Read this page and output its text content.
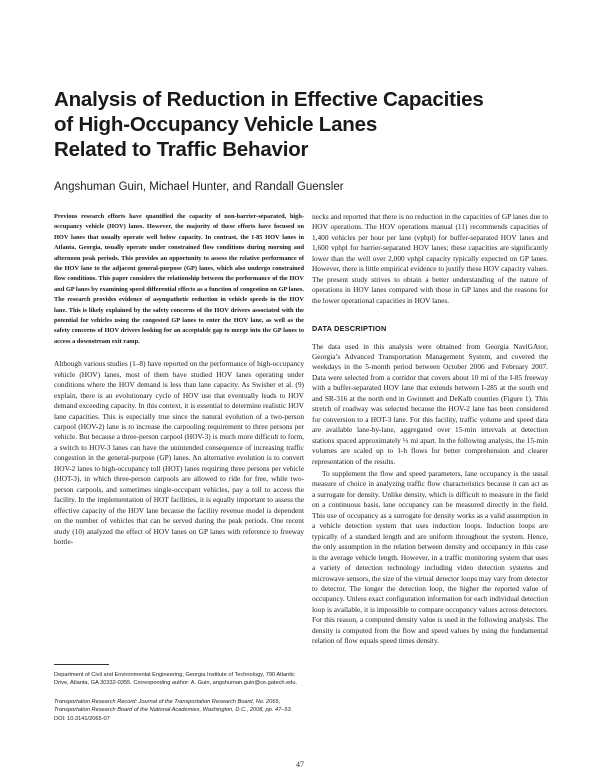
Analysis of Reduction in Effective Capacities
of High-Occupancy Vehicle Lanes
Related to Traffic Behavior
Angshuman Guin, Michael Hunter, and Randall Guensler

Previous research efforts have quantified the capacity of non-barrier-separated, high-occupancy vehicle (HOV) lanes. However, the majority of these efforts have focused on HOV lanes that usually operate well below capacity. In contrast, the I-85 HOV lanes in Atlanta, Georgia, usually operate under constrained flow conditions during morning and afternoon peak periods. This provides an opportunity to assess the relative performance of the HOV lane to the adjacent general-purpose (GP) lanes, which also undergo constrained flow conditions. This paper considers the relationship between the performance of the HOV and GP lanes by examining speed differential effects as a function of congestion on GP lanes. The research provides evidence of asympathetic reduction in vehicle speeds in the HOV lane. This is likely explained by the safety concerns of the HOV drivers associated with the potential for vehicles using the congested GP lanes to enter the HOV lane, as well as the safety concerns of HOV drivers looking for an acceptable gap to merge into the GP lanes to access a downstream exit ramp.

Although various studies (1–8) have reported on the performance of high-occupancy vehicle (HOV) lanes, most of them have studied HOV lanes operating under conditions where the HOV demand is less than lane capacity. As Swisher et al. (9) explain, there is an evolutionary cycle of HOV use that eventually leads to HOV demand exceeding capacity. In this context, it is essential to determine realistic HOV lane capacities. This is especially true since the natural evolution of a two-person carpool (HOV-2) lane is to increase the carpooling requirement to three persons per vehicle. But because a three-person carpool (HOV-3) is much more difficult to form, a switch to HOV-3 lanes can have the unintended consequence of increasing traffic congestion in the general-purpose (GP) lanes. An alternative evolution is to convert HOV-2 lanes to high-occupancy toll (HOT) lanes requiring three persons per vehicle (HOT-3), in which three-person carpools are allowed to ride for free, while two-person carpools, and sometimes single-occupant vehicles, pay a toll to access the facility. In the implementation of HOT facilities, it is equally important to assess the effective capacity of the HOV lane because the facility revenue model is dependent on the number of vehicles that can be served during the peak periods. One recent study (10) analyzed the effect of HOV lanes on GP lanes with reference to freeway bottle-

necks and reported that there is no reduction in the capacities of GP lanes due to HOV operations. The HOV operations manual (11) recommends capacities of 1,400 vehicles per hour per lane (vphpl) for buffer-separated HOV lanes and 1,600 vphpl for barrier-separated HOV lanes; these capacities are significantly lower than the well over 2,000 vphpl capacity typically expected on GP lanes. However, there is little empirical evidence to justify these HOV capacity values. The present study strives to obtain a better understanding of the nature of operations in HOV lanes compared with those in GP lanes and the reasons for the lower operational capacities in HOV lanes.

DATA DESCRIPTION

The data used in this analysis were obtained from Georgia NaviGAtor, Georgia’s Advanced Transportation Management System, and covered the weekdays in the 5-month period between October 2006 and February 2007. Data were selected from a corridor that covers about 10 mi of the I-85 freeway with a buffer-separated HOV lane that extends between I-285 at the south end and SR-316 at the north end in Gwinnett and DeKalb counties (Figure 1). This stretch of roadway was selected because the HOV-2 lane has been considered for conversion to a HOT-3 lane. For this facility, traffic volume and speed data are available lane-by-lane, aggregated over 15-min intervals at detection stations spaced approximately ⅓ mi apart. In the following analysis, the 15-min volumes are scaled up to 1-h flows for better comprehension and clearer representation of the results.

To supplement the flow and speed parameters, lane occupancy is the usual measure of choice in analyzing traffic flow characteristics because it can act as a surrogate for density. Unlike density, which is difficult to measure in the field on a continuous basis, lane occupancy can be measured directly in the field. This use of occupancy as a surrogate for density works as a valid assumption in a vehicle detection system that uses induction loops. Induction loops are typically of a standard length and are uniform throughout the system. Hence, the only assumption in the relation between density and occupancy in this case is the average vehicle length. However, in a traffic monitoring system that uses a variety of detection technology including video detection systems and microwave sensors, the size of the virtual detector loops may vary from detector to detector. The longer the detection loop, the higher the reported value of occupancy. Unless exact configuration information for each individual detection loop is available, it is impossible to compare occupancy values across detectors. For this reason, a computed density value is used in the following analysis. The density is computed from the flow and speed values by using the fundamental relation of flow equals speed times density.

Department of Civil and Environmental Engineering, Georgia Institute of Technology, 790 Atlantic Drive, Atlanta, GA 30332-0355. Corresponding author: A. Guin, angshuman.guin@ce.gatech.edu.
Transportation Research Record: Journal of the Transportation Research Board, No. 2065, Transportation Research Board of the National Academies, Washington, D.C., 2008, pp. 47–53.
DOI: 10.3141/2065-07
47
